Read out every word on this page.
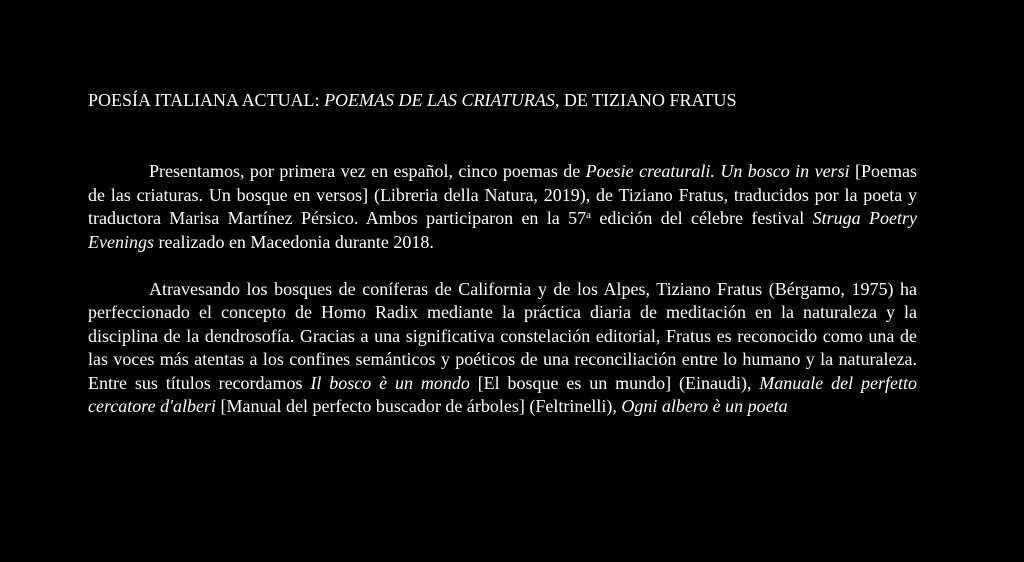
POESÍA ITALIANA ACTUAL: POEMAS DE LAS CRIATURAS, DE TIZIANO FRATUS

Presentamos, por primera vez en español, cinco poemas de Poesie creaturali. Un bosco in versi [Poemas de las criaturas. Un bosque en versos] (Libreria della Natura, 2019), de Tiziano Fratus, traducidos por la poeta y traductora Marisa Martínez Pérsico. Ambos participaron en la 57$^a$ edición del célebre festival Struga Poetry Evenings realizado en Macedonia durante 2018.

Atravesando los bosques de coníferas de California y de los Alpes, Tiziano Fratus (Bérgamo, 1975) ha perfeccionado el concepto de Homo Radix mediante la práctica diaria de meditación en la naturaleza y la disciplina de la dendrosofía. Gracias a una significativa constelación editorial, Fratus es reconocido como una de las voces más atentas a los confines semánticos y poéticos de una reconciliación entre lo humano y la naturaleza. Entre sus títulos recordamos Il bosco è un mondo [El bosque es un mundo] (Einaudi), Manuale del perfetto cercatore d'alberi [Manual del perfecto buscador de árboles] (Feltrinelli), Ogni albero è un poeta
